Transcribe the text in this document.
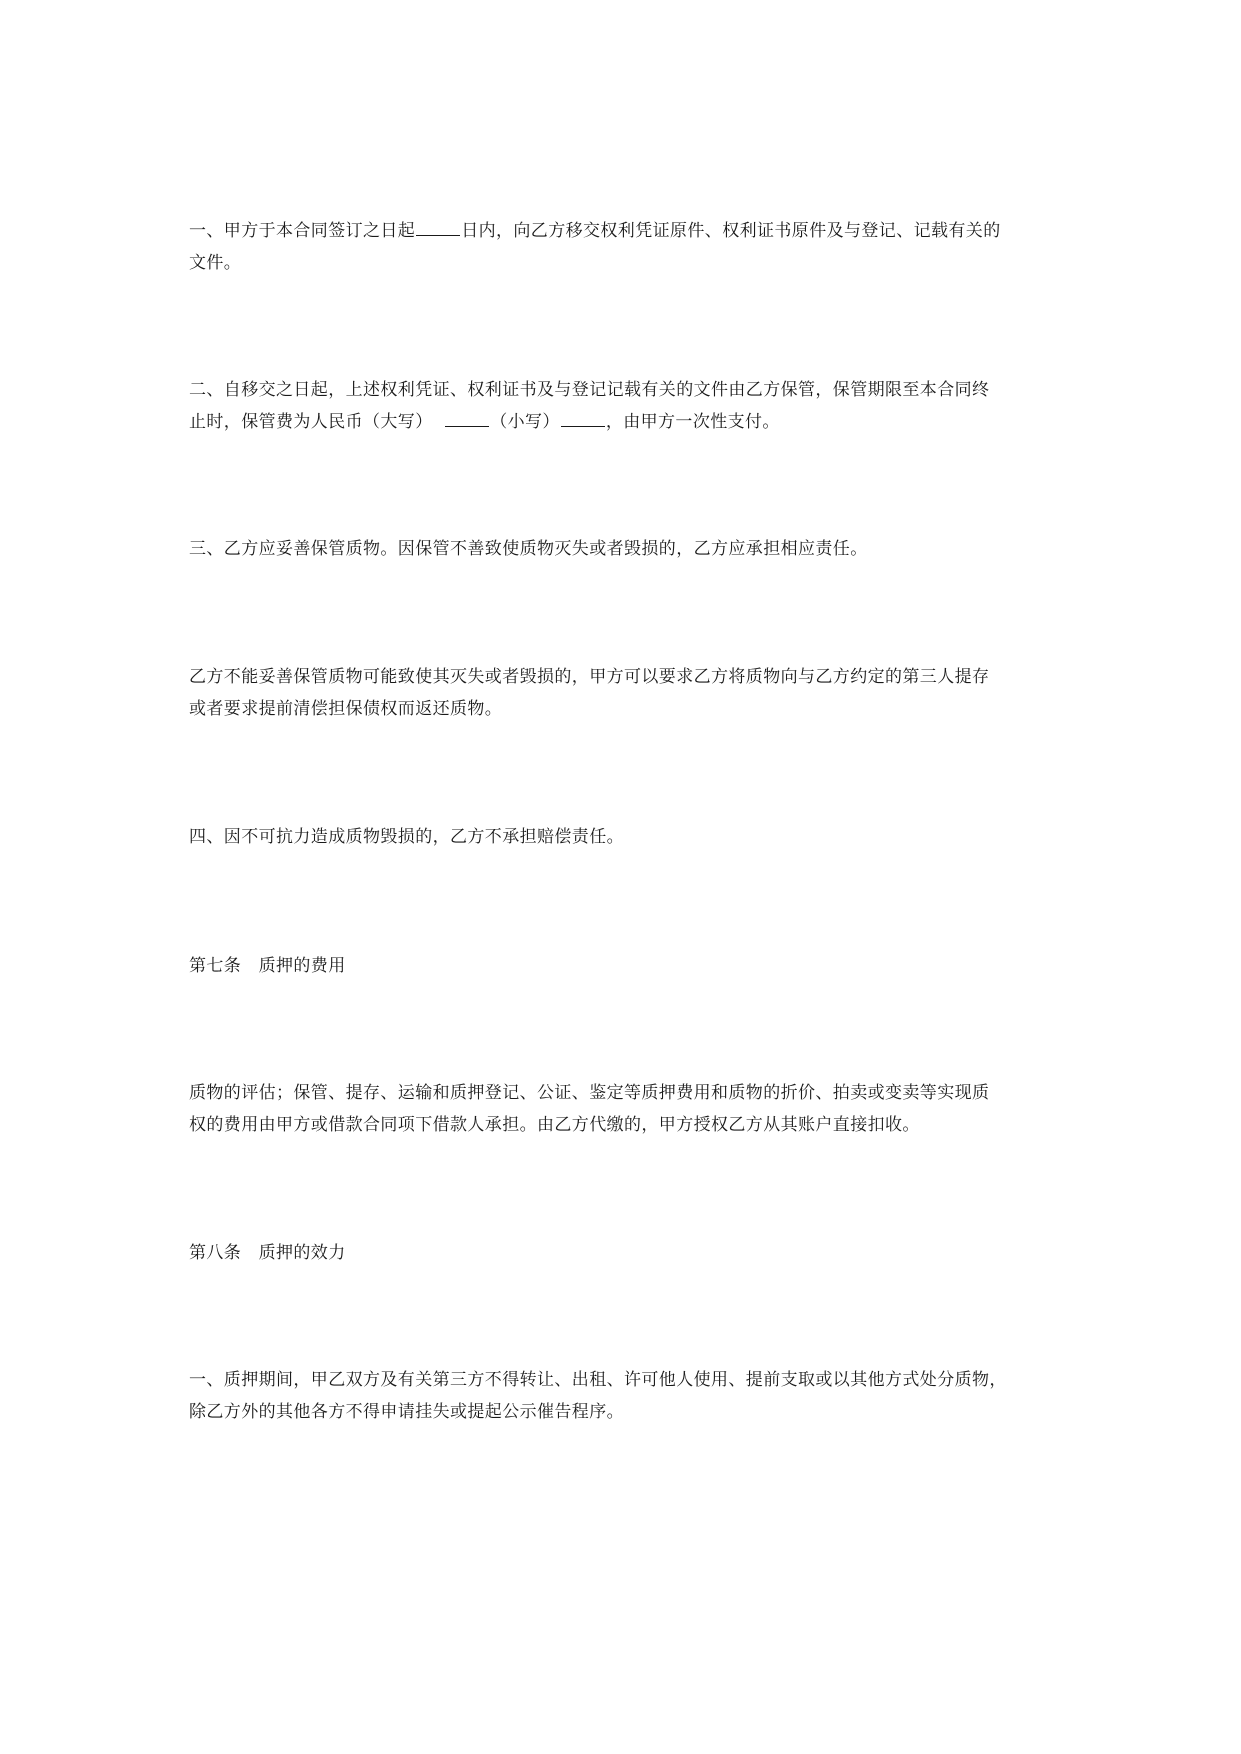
一、甲方于本合同签订之日起	日内，向乙方移交权利凭证原件、权利证书原件及与登记、记载有关的
文件。
二、自移交之日起，上述权利凭证、权利证书及与登记记载有关的文件由乙方保管，保管期限至本合同终
止时，保管费为人民币（大写）	（小写）	，由甲方一次性支付。
三、乙方应妥善保管质物。因保管不善致使质物灭失或者毁损的，乙方应承担相应责任。
乙方不能妥善保管质物可能致使其灭失或者毁损的，甲方可以要求乙方将质物向与乙方约定的第三人提存
或者要求提前清偿担保债权而返还质物。
四、因不可抗力造成质物毁损的，乙方不承担赔偿责任。
第七条　质押的费用
质物的评估；保管、提存、运输和质押登记、公证、鉴定等质押费用和质物的折价、拍卖或变卖等实现质
权的费用由甲方或借款合同项下借款人承担。由乙方代缴的，甲方授权乙方从其账户直接扣收。
第八条　质押的效力
一、质押期间，甲乙双方及有关第三方不得转让、出租、许可他人使用、提前支取或以其他方式处分质物，
除乙方外的其他各方不得申请挂失或提起公示催告程序。
